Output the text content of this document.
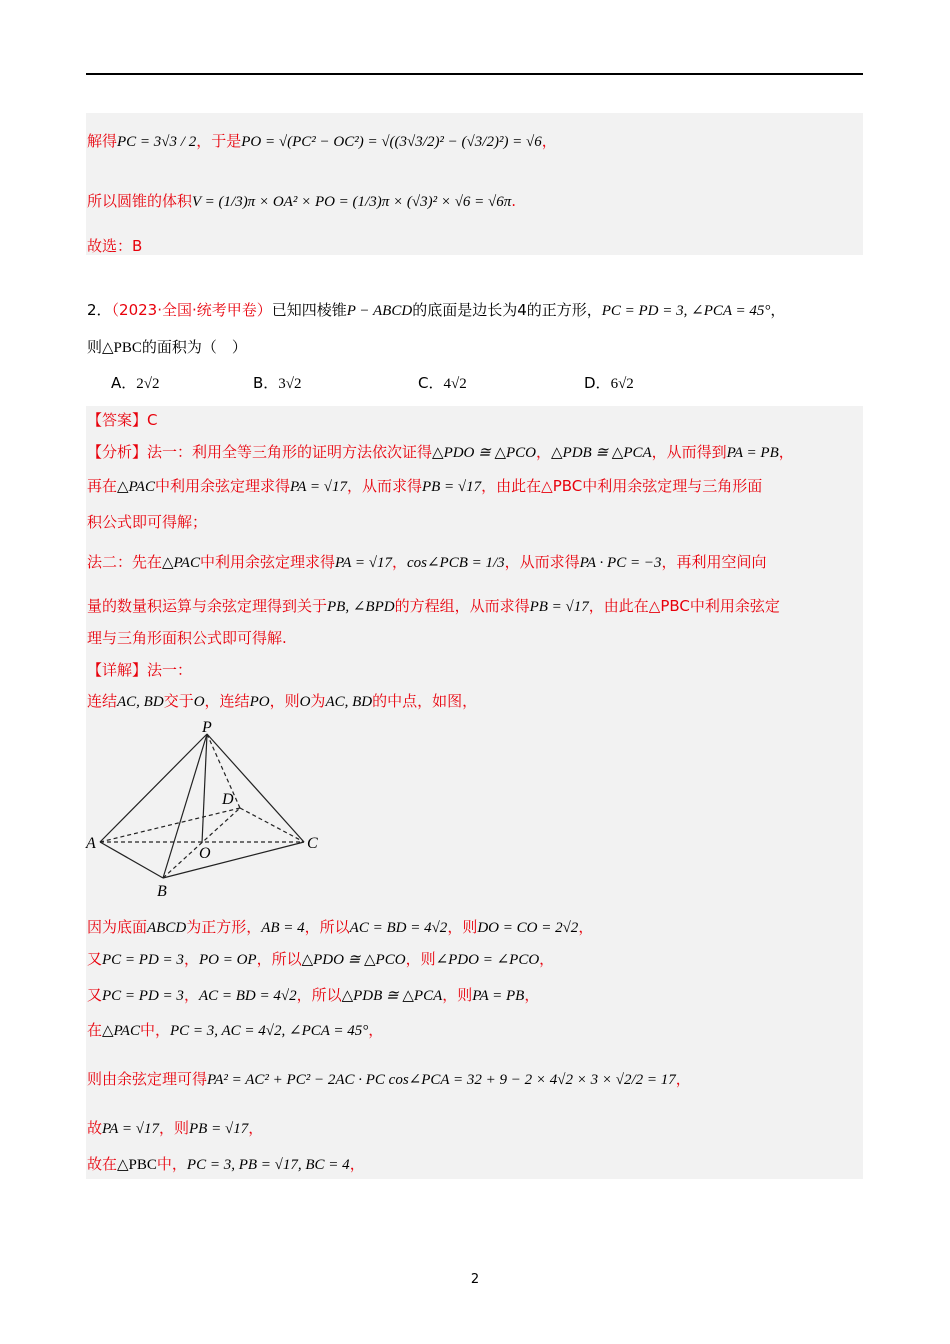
解得PC = 3√3 / 2，于是PO = √(PC² − OC²) = √((3√3/2)² − (√3/2)²) = √6，
所以圆锥的体积V = (1/3)π × OA² × PO = (1/3)π × (√3)² × √6 = √6π.
故选：B
2．（2023·全国·统考甲卷）已知四棱锥P − ABCD的底面是边长为4的正方形，PC = PD = 3, ∠PCA = 45°，
则△PBC的面积为（　）
A．2√2	B．3√2	C．4√2	D．6√2
【答案】C
【分析】法一：利用全等三角形的证明方法依次证得△PDO ≅ △PCO，△PDB ≅ △PCA，从而得到PA = PB，
再在△PAC中利用余弦定理求得PA = √17，从而求得PB = √17，由此在△PBC中利用余弦定理与三角形面
积公式即可得解；
法二：先在△PAC中利用余弦定理求得PA = √17，cos∠PCB = 1/3，从而求得PA · PC = −3，再利用空间向
量的数量积运算与余弦定理得到关于PB, ∠BPD的方程组，从而求得PB = √17，由此在△PBC中利用余弦定
理与三角形面积公式即可得解.
【详解】法一：
连结AC, BD交于O，连结PO，则O为AC, BD的中点，如图，
P
D
A	C
O
B
因为底面ABCD为正方形，AB = 4，所以AC = BD = 4√2，则DO = CO = 2√2，
又PC = PD = 3，PO = OP，所以△PDO ≅ △PCO，则∠PDO = ∠PCO，
又PC = PD = 3，AC = BD = 4√2，所以△PDB ≅ △PCA，则PA = PB，
在△PAC中，PC = 3, AC = 4√2, ∠PCA = 45°，
则由余弦定理可得PA² = AC² + PC² − 2AC · PC cos∠PCA = 32 + 9 − 2 × 4√2 × 3 × √2/2 = 17，
故PA = √17，则PB = √17，
故在△PBC中，PC = 3, PB = √17, BC = 4，
2
